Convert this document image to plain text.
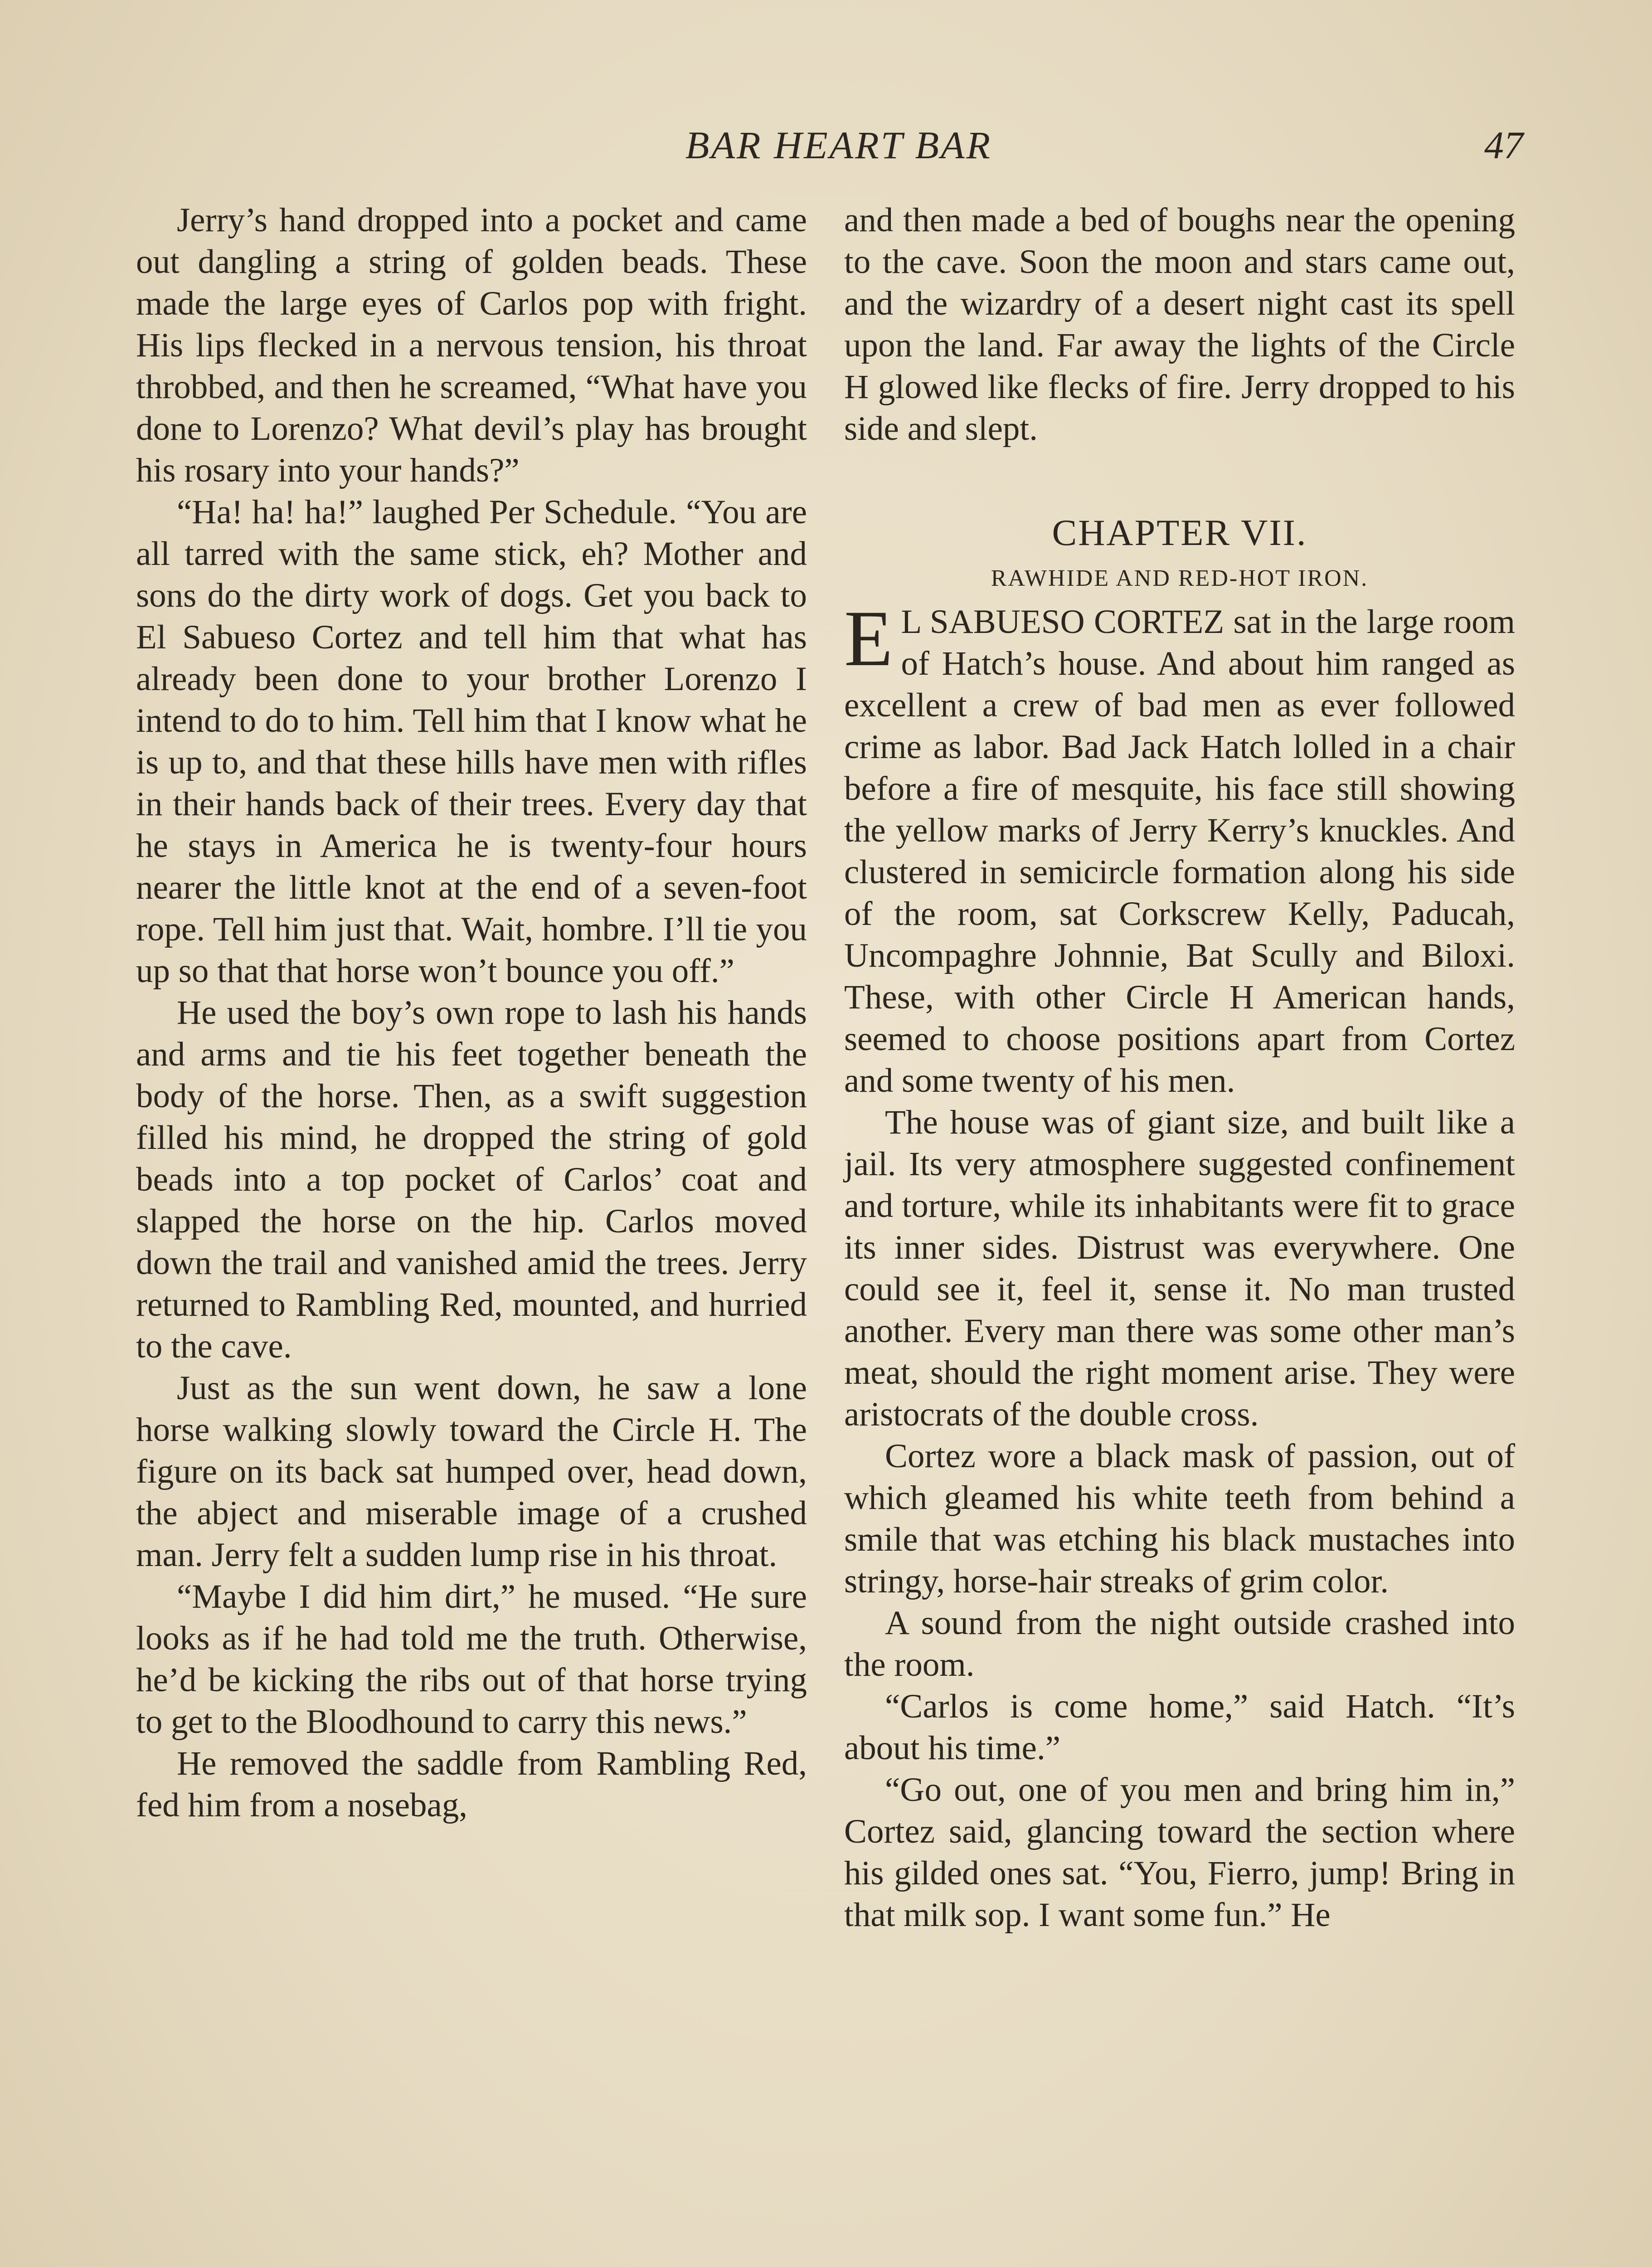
BAR HEART BAR	47

Jerry’s hand dropped into a pocket and came out dangling a string of golden beads. These made the large eyes of Carlos pop with fright. His lips flecked in a nervous tension, his throat throbbed, and then he screamed, “What have you done to Lorenzo? What devil’s play has brought his rosary into your hands?”

“Ha! ha! ha!” laughed Per Schedule. “You are all tarred with the same stick, eh? Mother and sons do the dirty work of dogs. Get you back to El Sabueso Cortez and tell him that what has already been done to your brother Lorenzo I intend to do to him. Tell him that I know what he is up to, and that these hills have men with rifles in their hands back of their trees. Every day that he stays in America he is twenty-four hours nearer the little knot at the end of a seven-foot rope. Tell him just that. Wait, hombre. I’ll tie you up so that that horse won’t bounce you off.”

He used the boy’s own rope to lash his hands and arms and tie his feet together beneath the body of the horse. Then, as a swift suggestion filled his mind, he dropped the string of gold beads into a top pocket of Carlos’ coat and slapped the horse on the hip. Carlos moved down the trail and vanished amid the trees. Jerry returned to Rambling Red, mounted, and hurried to the cave.

Just as the sun went down, he saw a lone horse walking slowly toward the Circle H. The figure on its back sat humped over, head down, the abject and miserable image of a crushed man. Jerry felt a sudden lump rise in his throat.

“Maybe I did him dirt,” he mused. “He sure looks as if he had told me the truth. Otherwise, he’d be kicking the ribs out of that horse trying to get to the Bloodhound to carry this news.”

He removed the saddle from Rambling Red, fed him from a nosebag,

and then made a bed of boughs near the opening to the cave. Soon the moon and stars came out, and the wizardry of a desert night cast its spell upon the land. Far away the lights of the Circle H glowed like flecks of fire. Jerry dropped to his side and slept.

CHAPTER VII.
RAWHIDE AND RED-HOT IRON.

E L SABUESO CORTEZ sat in the large room of Hatch’s house. And about him ranged as excellent a crew of bad men as ever followed crime as labor. Bad Jack Hatch lolled in a chair before a fire of mesquite, his face still showing the yellow marks of Jerry Kerry’s knuckles. And clustered in semicircle formation along his side of the room, sat Corkscrew Kelly, Paducah, Uncompaghre Johnnie, Bat Scully and Biloxi. These, with other Circle H American hands, seemed to choose positions apart from Cortez and some twenty of his men.

The house was of giant size, and built like a jail. Its very atmosphere suggested confinement and torture, while its inhabitants were fit to grace its inner sides. Distrust was everywhere. One could see it, feel it, sense it. No man trusted another. Every man there was some other man’s meat, should the right moment arise. They were aristocrats of the double cross.

Cortez wore a black mask of passion, out of which gleamed his white teeth from behind a smile that was etching his black mustaches into stringy, horse-hair streaks of grim color.

A sound from the night outside crashed into the room.

“Carlos is come home,” said Hatch. “It’s about his time.”

“Go out, one of you men and bring him in,” Cortez said, glancing toward the section where his gilded ones sat. “You, Fierro, jump! Bring in that milk sop. I want some fun.” He
